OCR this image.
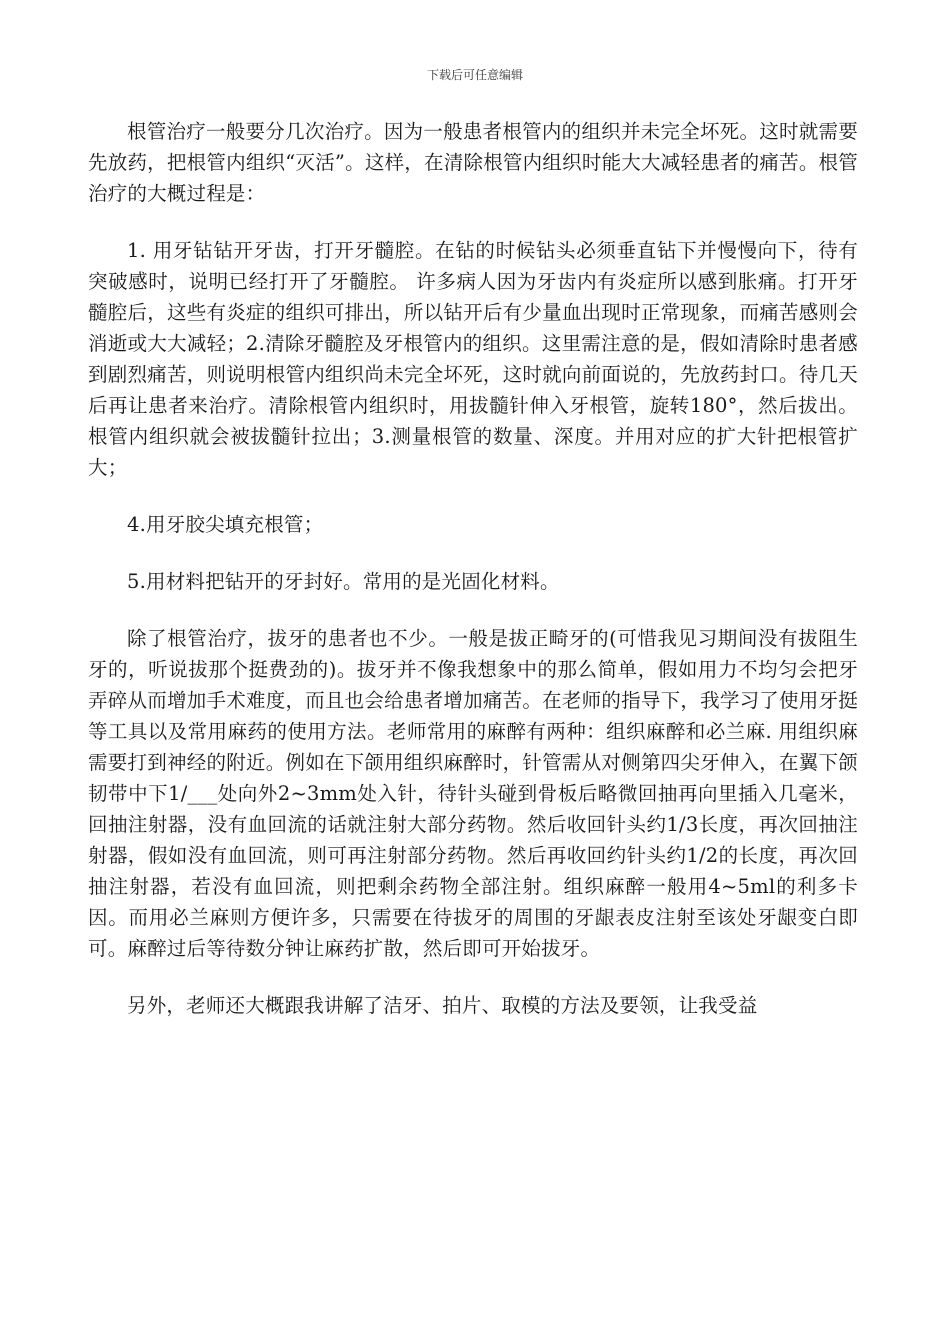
下载后可任意编辑

根管治疗一般要分几次治疗。因为一般患者根管内的组织并未完全坏死。这时就需要先放药，把根管内组织“灭活”。这样，在清除根管内组织时能大大减轻患者的痛苦。根管治疗的大概过程是：

1. 用牙钻钻开牙齿，打开牙髓腔。在钻的时候钻头必须垂直钻下并慢慢向下，待有突破感时，说明已经打开了牙髓腔。 许多病人因为牙齿内有炎症所以感到胀痛。打开牙髓腔后，这些有炎症的组织可排出，所以钻开后有少量血出现时正常现象，而痛苦感则会消逝或大大减轻；2.清除牙髓腔及牙根管内的组织。这里需注意的是，假如清除时患者感到剧烈痛苦，则说明根管内组织尚未完全坏死，这时就向前面说的，先放药封口。待几天后再让患者来治疗。清除根管内组织时，用拔髓针伸入牙根管，旋转180°，然后拔出。根管内组织就会被拔髓针拉出；3.测量根管的数量、深度。并用对应的扩大针把根管扩大；

4.用牙胶尖填充根管；

5.用材料把钻开的牙封好。常用的是光固化材料。

除了根管治疗，拔牙的患者也不少。一般是拔正畸牙的(可惜我见习期间没有拔阻生牙的，听说拔那个挺费劲的)。拔牙并不像我想象中的那么简单，假如用力不均匀会把牙弄碎从而增加手术难度，而且也会给患者增加痛苦。在老师的指导下，我学习了使用牙挺等工具以及常用麻药的使用方法。老师常用的麻醉有两种：组织麻醉和必兰麻. 用组织麻需要打到神经的附近。例如在下颌用组织麻醉时，针管需从对侧第四尖牙伸入，在翼下颌韧带中下1/___处向外2~3mm处入针，待针头碰到骨板后略微回抽再向里插入几毫米，回抽注射器，没有血回流的话就注射大部分药物。然后收回针头约1/3长度，再次回抽注射器，假如没有血回流，则可再注射部分药物。然后再收回约针头约1/2的长度，再次回抽注射器，若没有血回流，则把剩余药物全部注射。组织麻醉一般用4~5ml的利多卡因。而用必兰麻则方便许多，只需要在待拔牙的周围的牙龈表皮注射至该处牙龈变白即可。麻醉过后等待数分钟让麻药扩散，然后即可开始拔牙。

另外，老师还大概跟我讲解了洁牙、拍片、取模的方法及要领，让我受益
